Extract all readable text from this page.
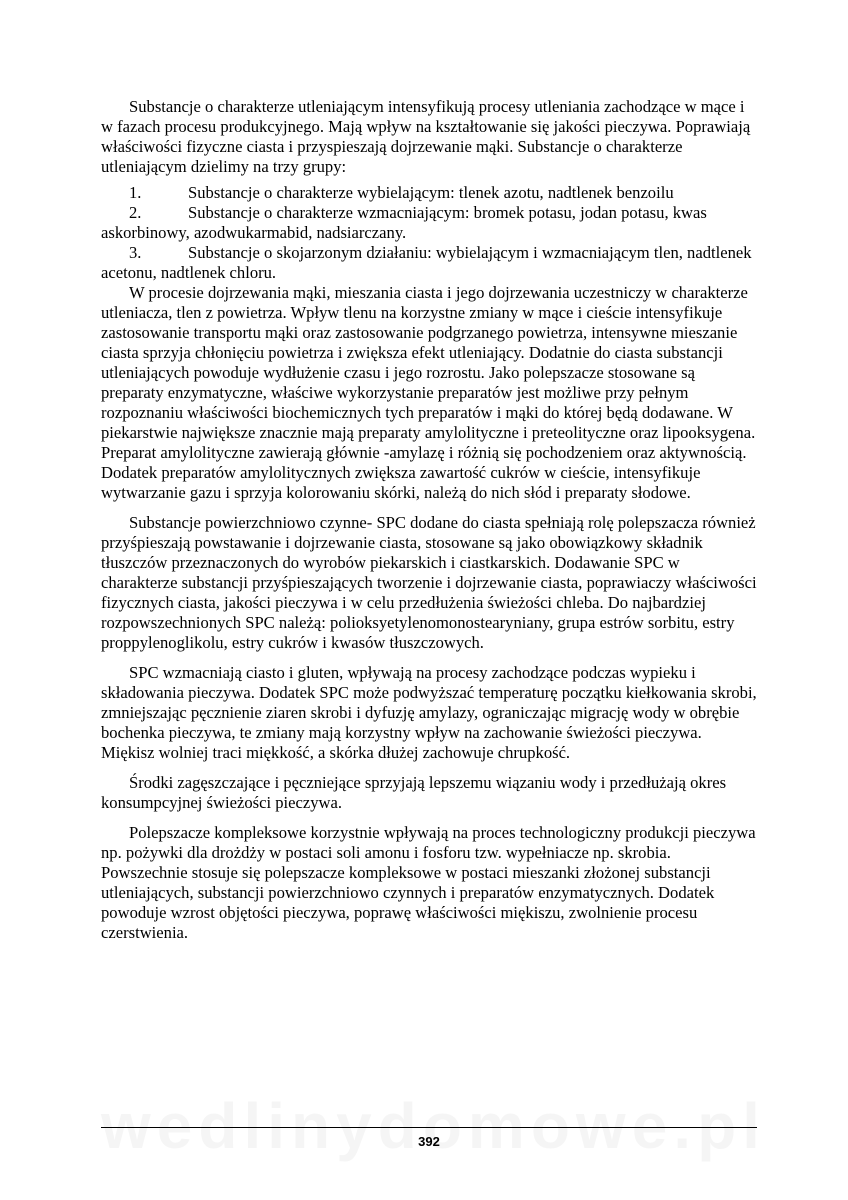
Substancje o charakterze utleniającym intensyfikują procesy utleniania zachodzące w mące i w fazach procesu produkcyjnego. Mają wpływ na kształtowanie się jakości pieczywa. Poprawiają właściwości fizyczne ciasta i przyspieszają dojrzewanie mąki. Substancje o charakterze utleniającym dzielimy na trzy grupy:

1.	Substancje o charakterze wybielającym: tlenek azotu, nadtlenek benzoilu

2.	Substancje o charakterze wzmacniającym: bromek potasu, jodan potasu, kwas askorbinowy, azodwukarmabid, nadsiarczany.

3.	Substancje o skojarzonym działaniu: wybielającym i wzmacniającym tlen, nadtlenek acetonu, nadtlenek chloru.

W procesie dojrzewania mąki, mieszania ciasta i jego dojrzewania uczestniczy w charakterze utleniacza, tlen z powietrza. Wpływ tlenu na korzystne zmiany w mące i cieście intensyfikuje zastosowanie transportu mąki oraz zastosowanie podgrzanego powietrza, intensywne mieszanie ciasta sprzyja chłonięciu powietrza i zwiększa efekt utleniający. Dodatnie do ciasta substancji utleniających powoduje wydłużenie czasu i jego rozrostu. Jako polepszacze stosowane są preparaty enzymatyczne, właściwe wykorzystanie preparatów jest możliwe przy pełnym rozpoznaniu właściwości biochemicznych tych preparatów i mąki do której będą dodawane. W piekarstwie największe znacznie mają preparaty amylolityczne i preteolityczne oraz lipooksygena. Preparat amylolityczne zawierają głównie -amylazę i różnią się pochodzeniem oraz aktywnością. Dodatek preparatów amylolitycznych zwiększa zawartość cukrów w cieście, intensyfikuje wytwarzanie gazu i sprzyja kolorowaniu skórki, należą do nich słód i preparaty słodowe.

Substancje powierzchniowo czynne- SPC dodane do ciasta spełniają rolę polepszacza również przyśpieszają powstawanie i dojrzewanie ciasta, stosowane są jako obowiązkowy składnik tłuszczów przeznaczonych do wyrobów piekarskich i ciastkarskich. Dodawanie SPC w charakterze substancji przyśpieszających tworzenie i dojrzewanie ciasta, poprawiaczy właściwości fizycznych ciasta, jakości pieczywa i w celu przedłużenia świeżości chleba. Do najbardziej rozpowszechnionych SPC należą: polioksyetylenomonostearyniany, grupa estrów sorbitu, estry proppylenoglikolu, estry cukrów i kwasów tłuszczowych.

SPC wzmacniają ciasto i gluten, wpływają na procesy zachodzące podczas wypieku i składowania pieczywa. Dodatek SPC może podwyższać temperaturę początku kiełkowania skrobi, zmniejszając pęcznienie ziaren skrobi i dyfuzję amylazy, ograniczając migrację wody w obrębie bochenka pieczywa, te zmiany mają korzystny wpływ na zachowanie świeżości pieczywa. Miękisz wolniej traci miękkość, a skórka dłużej zachowuje chrupkość.

Środki zagęszczające i pęczniejące sprzyjają lepszemu wiązaniu wody i przedłużają okres konsumpcyjnej świeżości pieczywa.

Polepszacze kompleksowe korzystnie wpływają na proces technologiczny produkcji pieczywa np. pożywki dla drożdży w postaci soli amonu i fosforu tzw. wypełniacze np. skrobia. Powszechnie stosuje się polepszacze kompleksowe w postaci mieszanki złożonej substancji utleniających, substancji powierzchniowo czynnych i preparatów enzymatycznych. Dodatek powoduje wzrost objętości pieczywa, poprawę właściwości miękiszu, zwolnienie procesu czerstwienia.

392
